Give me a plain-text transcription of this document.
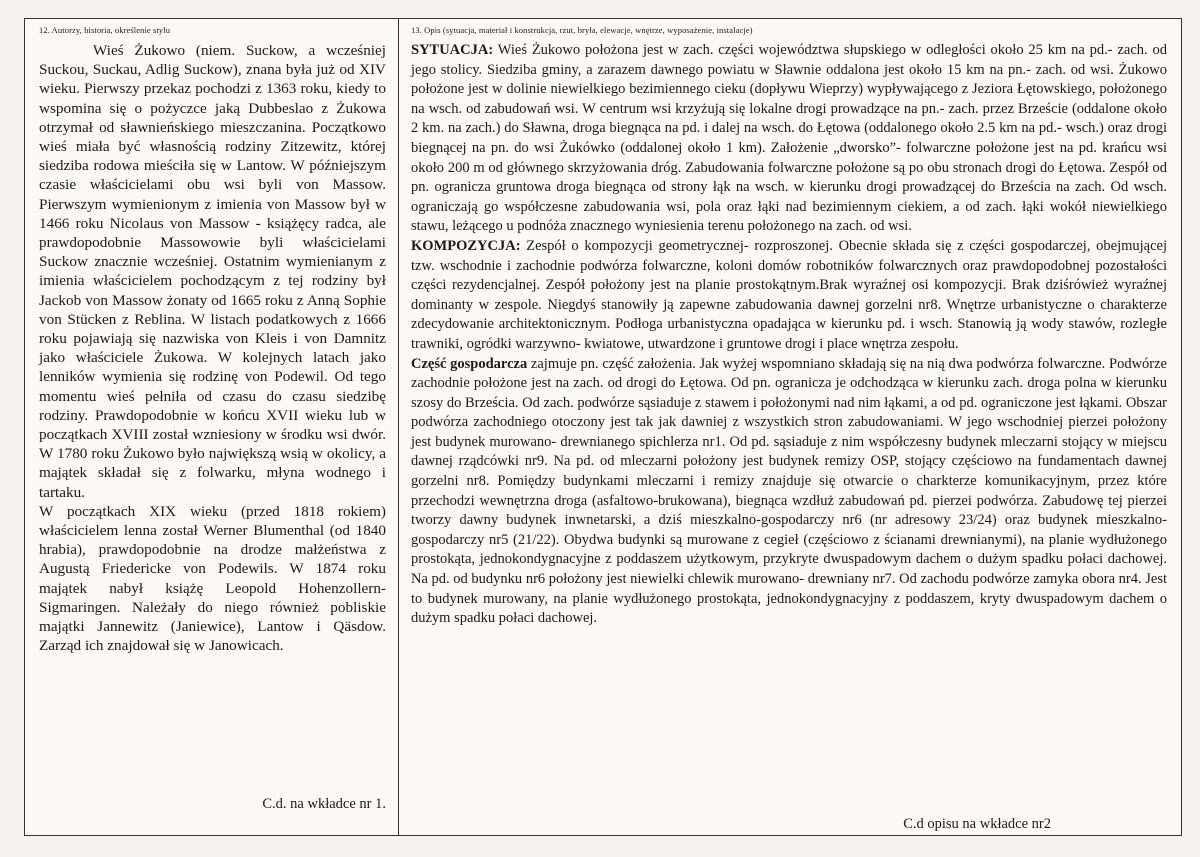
12. Autorzy, historia, określenie stylu

Wieś Żukowo (niem. Suckow, a wcześniej Suckou, Suckau, Adlig Suckow), znana była już od XIV wieku. Pierwszy przekaz pochodzi z 1363 roku, kiedy to wspomina się o pożyczce jaką Dubbeslao z Żukowa otrzymał od sławnieńskiego mieszczanina. Początkowo wieś miała być własnością rodziny Zitzewitz, której siedziba rodowa mieściła się w Lantow. W późniejszym czasie właścicielami obu wsi byli von Massow. Pierwszym wymienionym z imienia von Massow był w 1466 roku Nicolaus von Massow - książęcy radca, ale prawdopodobnie Massowowie byli właścicielami Suckow znacznie wcześniej. Ostatnim wymienianym z imienia właścicielem pochodzącym z tej rodziny był Jackob von Massow żonaty od 1665 roku z Anną Sophie von Stücken z Reblina. W listach podatkowych z 1666 roku pojawiają się nazwiska von Kleis i von Damnitz jako właściciele Żukowa. W kolejnych latach jako lenników wymienia się rodzinę von Podewil. Od tego momentu wieś pełniła od czasu do czasu siedzibę rodziny. Prawdopodobnie w końcu XVII wieku lub w początkach XVIII został wzniesiony w środku wsi dwór. W 1780 roku Żukowo było największą wsią w okolicy, a majątek składał się z folwarku, młyna wodnego i tartaku.

W początkach XIX wieku (przed 1818 rokiem) właścicielem lenna został Werner Blumenthal (od 1840 hrabia), prawdopodobnie na drodze małżeństwa z Augustą Friedericke von Podewils. W 1874 roku majątek nabył książę Leopold Hohenzollern- Sigmaringen. Należały do niego również pobliskie majątki Jannewitz (Janiewice), Lantow i Qäsdow. Zarząd ich znajdował się w Janowicach.

C.d. na wkładce nr 1.

13. Opis (sytuacja, materiał i konstrukcja, rzut, bryła, elewacje, wnętrze, wyposażenie, instalacje)

SYTUACJA: Wieś Żukowo położona jest w zach. części województwa słupskiego w odległości około 25 km na pd.- zach. od jego stolicy. Siedziba gminy, a zarazem dawnego powiatu w Sławnie oddalona jest około 15 km na pn.- zach. od wsi. Żukowo położone jest w dolinie niewielkiego bezimiennego cieku (dopływu Wieprzy) wypływającego z Jeziora Łętowskiego, położonego na wsch. od zabudowań wsi. W centrum wsi krzyżują się lokalne drogi prowadzące na pn.- zach. przez Brzeście (oddalone około 2 km. na zach.) do Sławna, droga biegnąca na pd. i dalej na wsch. do Łętowa (oddalonego około 2.5 km na pd.- wsch.) oraz drogi biegnącej na pn. do wsi Żukówko (oddalonej około 1 km). Założenie „dworsko”- folwarczne położone jest na pd. krańcu wsi około 200 m od głównego skrzyżowania dróg. Zabudowania folwarczne położone są po obu stronach drogi do Łętowa. Zespół od pn. ogranicza gruntowa droga biegnąca od strony łąk na wsch. w kierunku drogi prowadzącej do Brześcia na zach. Od wsch. ograniczają go współczesne zabudowania wsi, pola oraz łąki nad bezimiennym ciekiem, a od zach. łąki wokół niewielkiego stawu, leżącego u podnóża znacznego wyniesienia terenu położonego na zach. od wsi.

KOMPOZYCJA: Zespół o kompozycji geometrycznej- rozproszonej. Obecnie składa się z części gospodarczej, obejmującej tzw. wschodnie i zachodnie podwórza folwarczne, koloni domów robotników folwarcznych oraz prawdopodobnej pozostałości części rezydencjalnej. Zespół położony jest na planie prostokątnym.Brak wyraźnej osi kompozycji. Brak dziśrówież wyraźnej dominanty w zespole. Niegdyś stanowiły ją zapewne zabudowania dawnej gorzelni nr8. Wnętrze urbanistyczne o charakterze zdecydowanie architektonicznym. Podłoga urbanistyczna opadająca w kierunku pd. i wsch. Stanowią ją wody stawów, rozległe trawniki, ogródki warzywno- kwiatowe, utwardzone i gruntowe drogi i place wnętrza zespołu.

Część gospodarcza zajmuje pn. część założenia. Jak wyżej wspomniano składają się na nią dwa podwórza folwarczne. Podwórze zachodnie położone jest na zach. od drogi do Łętowa. Od pn. ogranicza je odchodząca w kierunku zach. droga polna w kierunku szosy do Brześcia. Od zach. podwórze sąsiaduje z stawem i położonymi nad nim łąkami, a od pd. ograniczone jest łąkami. Obszar podwórza zachodniego otoczony jest tak jak dawniej z wszystkich stron zabudowaniami. W jego wschodniej pierzei położony jest budynek murowano- drewnianego spichlerza nr1. Od pd. sąsiaduje z nim współczesny budynek mleczarni stojący w miejscu dawnej rządcówki nr9. Na pd. od mleczarni położony jest budynek remizy OSP, stojący częściowo na fundamentach dawnej gorzelni nr8. Pomiędzy budynkami mleczarni i remizy znajduje się otwarcie o charkterze komunikacyjnym, przez które przechodzi wewnętrzna droga (asfaltowo-brukowana), biegnąca wzdłuż zabudowań pd. pierzei podwórza. Zabudowę tej pierzei tworzy dawny budynek inwnetarski, a dziś mieszkalno-gospodarczy nr6 (nr adresowy 23/24) oraz budynek mieszkalno-gospodarczy nr5 (21/22). Obydwa budynki są murowane z cegieł (częściowo z ścianami drewnianymi), na planie wydłużonego prostokąta, jednokondygnacyjne z poddaszem użytkowym, przykryte dwuspadowym dachem o dużym spadku połaci dachowej. Na pd. od budynku nr6 położony jest niewielki chlewik murowano- drewniany nr7. Od zachodu podwórze zamyka obora nr4. Jest to budynek murowany, na planie wydłużonego prostokąta, jednokondygnacyjny z poddaszem, kryty dwuspadowym dachem o dużym spadku połaci dachowej.

C.d opisu na wkładce nr2
